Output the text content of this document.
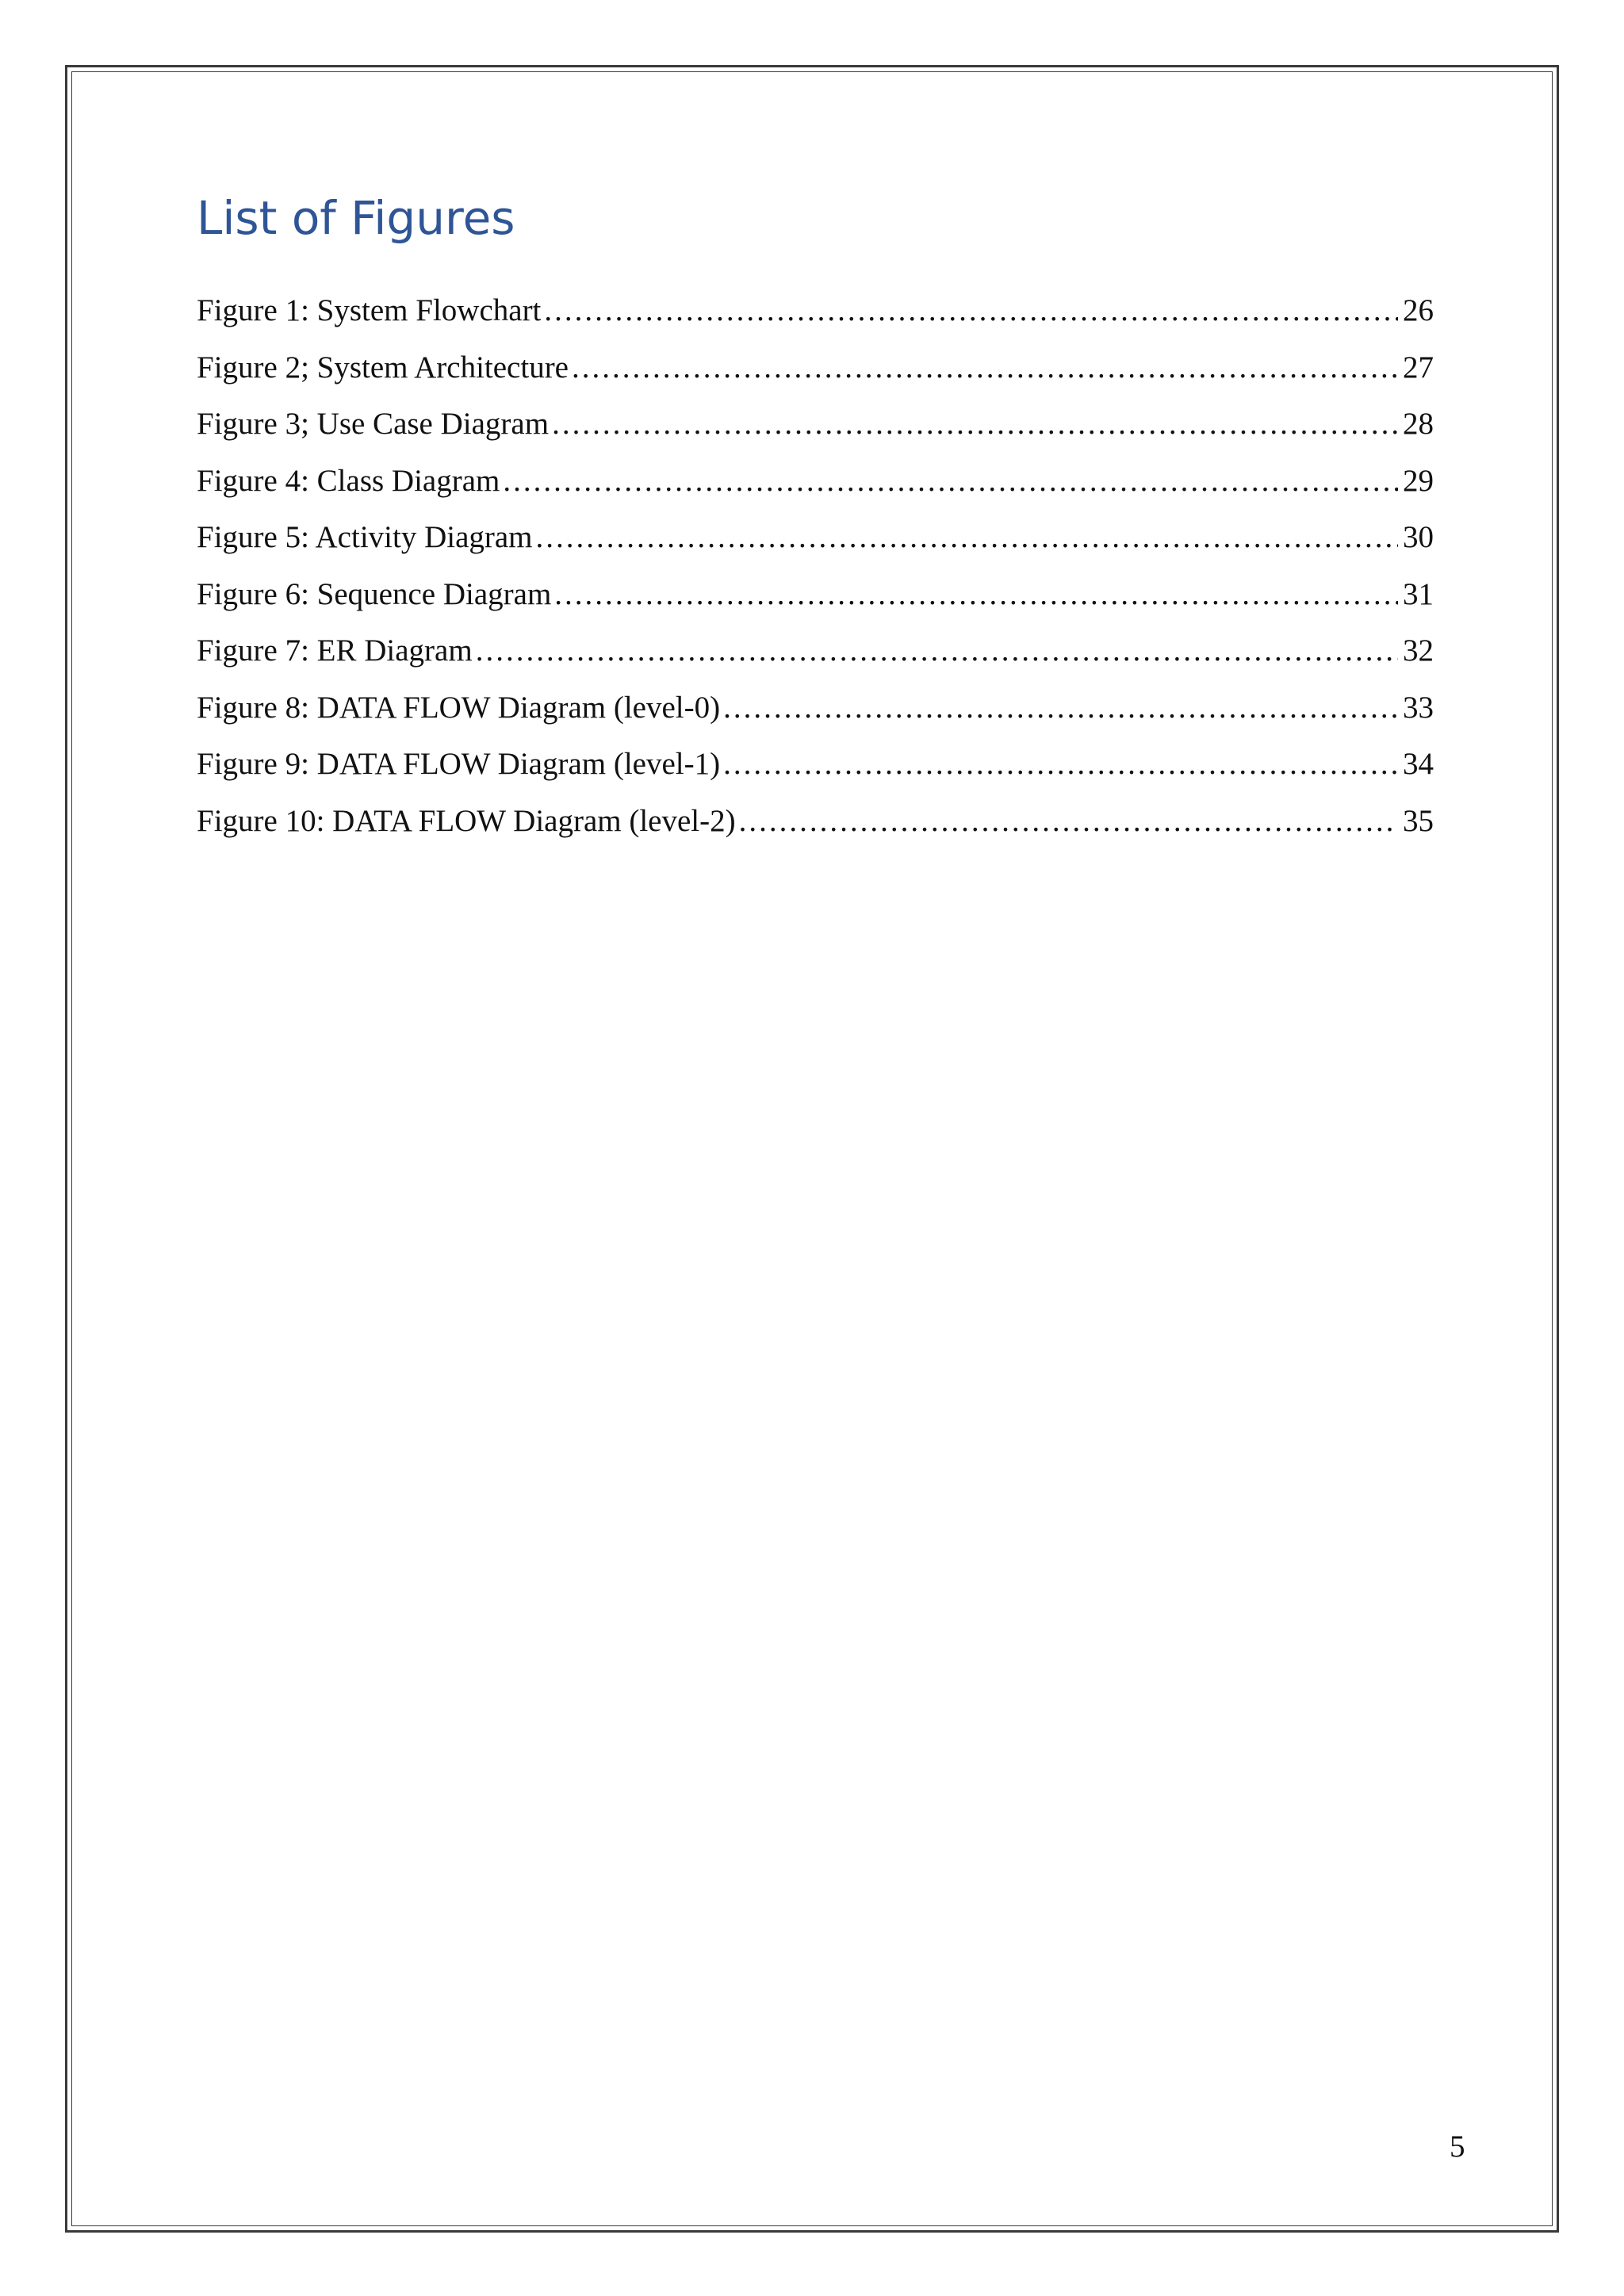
List of Figures
Figure 1: System Flowchart .....	26
Figure 2; System Architecture .....	27
Figure 3; Use Case Diagram .....	28
Figure 4: Class Diagram .....	29
Figure 5: Activity Diagram .....	30
Figure 6: Sequence Diagram .....	31
Figure 7: ER Diagram .....	32
Figure 8: DATA FLOW Diagram (level-0) .....	33
Figure 9: DATA FLOW Diagram (level-1) .....	34
Figure 10: DATA FLOW Diagram (level-2) .....	35
5
